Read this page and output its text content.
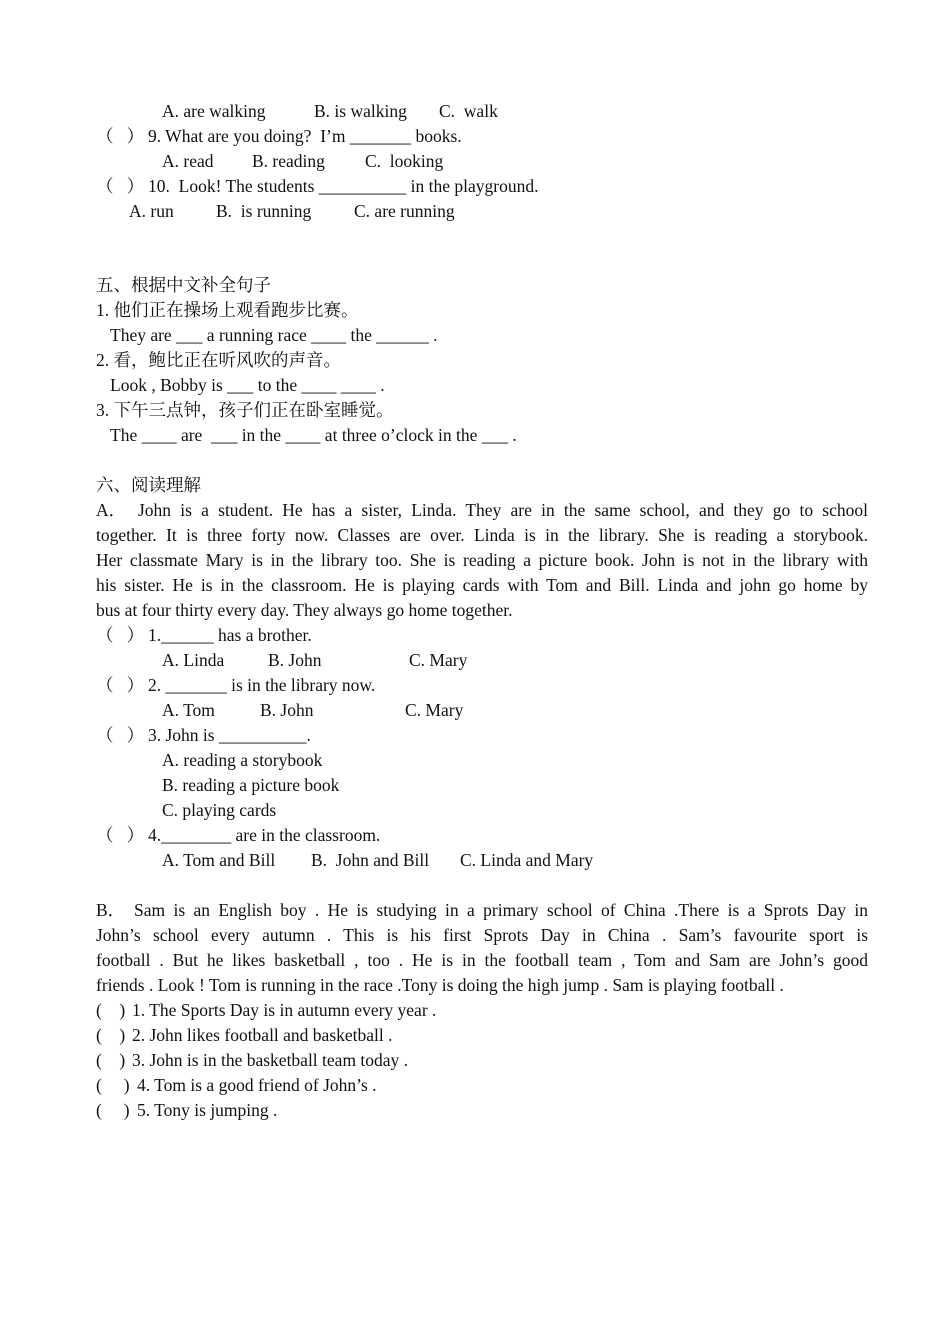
A. are walking	B. is walking C.  walk
（   ） 9. What are you doing?  I’m _______ books.
A. read B. reading C.  looking
（   ） 10.  Look! The students __________ in the playground.
A. run B.  is running C. are running
五、根据中文补全句子
1. 他们正在操场上观看跑步比赛。
They are ___ a running race ____ the ______ .
2. 看，鲍比正在听风吹的声音。
Look , Bobby is ___ to the ____ ____ .
3. 下午三点钟，孩子们正在卧室睡觉。
The ____ are  ___ in the ____ at three o’clock in the ___ .
六、阅读理解
A． John is a student. He has a sister, Linda. They are in the same school, and they go to school
together. It is three forty now. Classes are over. Linda is in the library. She is reading a storybook.
Her classmate Mary is in the library too. She is reading a picture book. John is not in the library with
his sister. He is in the classroom. He is playing cards with Tom and Bill. Linda and john go home by
bus at four thirty every day. They always go home together.
（   ） 1.______ has a brother.
A. Linda	B. John	C. Mary
（   ） 2. _______ is in the library now.
A. Tom	B. John	C. Mary
（   ） 3. John is __________.
A. reading a storybook
B. reading a picture book
C. playing cards
（   ） 4.________ are in the classroom.
A. Tom and Bill B.  John and Bill C. Linda and Mary
B． Sam is an English boy . He is studying in a primary school of China .There is a Sprots Day in
John’s school every autumn . This is his first Sprots Day in China . Sam’s favourite sport is
football . But he likes basketball , too . He is in the football team , Tom and Sam are John’s good
friends . Look ! Tom is running in the race .Tony is doing the high jump . Sam is playing football .
(    ) 1. The Sports Day is in autumn every year .
(    ) 2. John likes football and basketball .
(    ) 3. John is in the basketball team today .
(     ) 4. Tom is a good friend of John’s .
(     ) 5. Tony is jumping .
